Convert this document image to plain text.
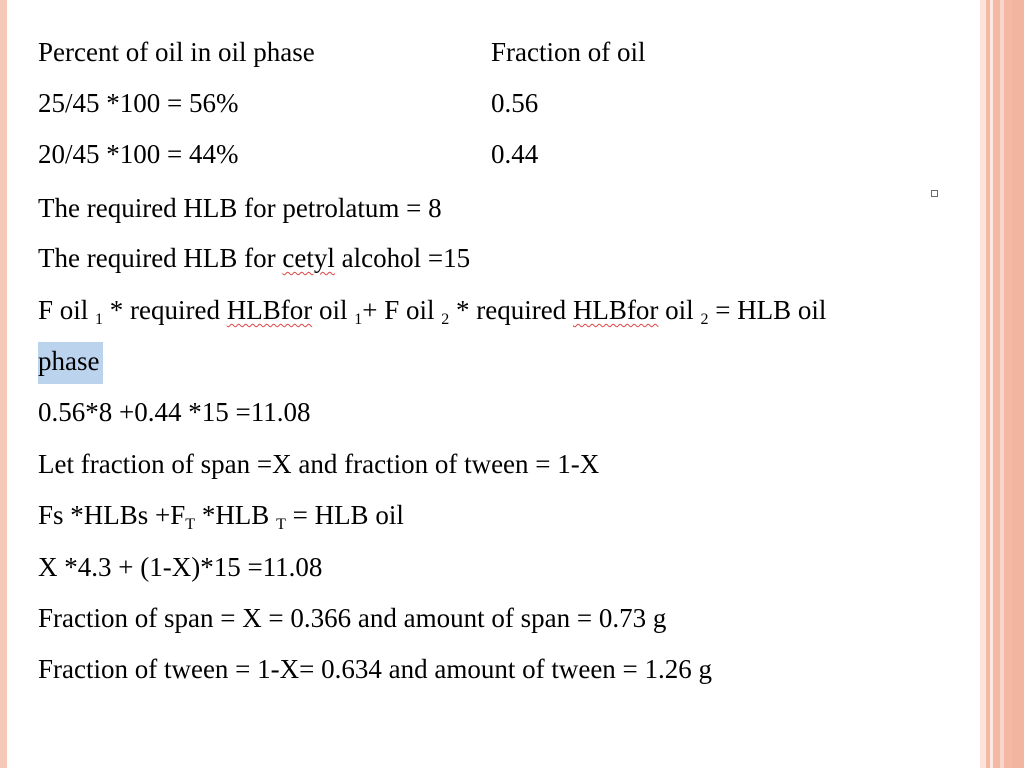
Percent of oil in oil phase	Fraction of oil
25/45 *100 = 56%	0.56
20/45 *100 = 44%	0.44
The required HLB for petrolatum = 8
The required HLB for cetyl alcohol =15
F oil $_1$ * required HLBfor oil $_1$+ F oil $_2$ * required HLBfor oil $_2$ = HLB oil
phase
0.56*8 +0.44 *15 =11.08
Let fraction of span =X and fraction of tween = 1-X
Fs *HLBs $+F_T$ *HLB $_T$ = HLB oil
X *4.3 + (1-X)*15 =11.08
Fraction of span = X = 0.366 and amount of span = 0.73 g
Fraction of tween = 1-X= 0.634 and amount of tween = 1.26 g
